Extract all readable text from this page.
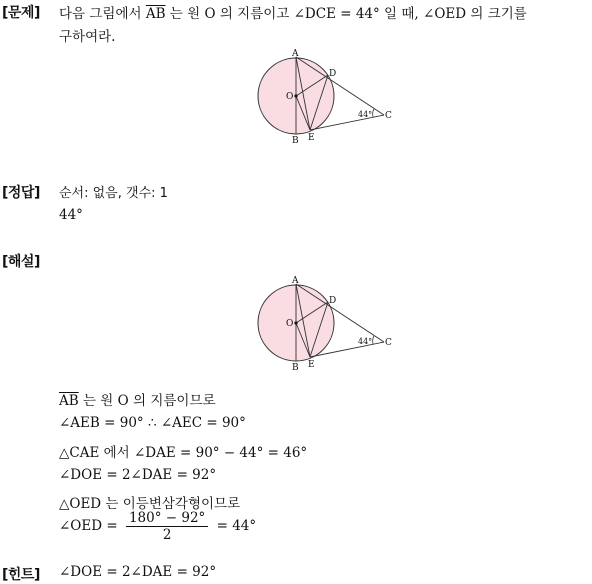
[문제] 다음 그림에서 $\overline{AB}$ 는 원 O 의 지름이고 ∠DCE = 44° 일 때, ∠OED 의 크기를
구하여라.
A
O
B
D
E
C
44°
[정답] 순서: 없음, 갯수: 1
44°
[해설]
A
O
B
D
E
C
44°
$\overline{AB}$ 는 원 O 의 지름이므로
∠AEB = 90° ∴ ∠AEC = 90°
△CAE 에서 ∠DAE = 90° − 44° = 46°
∠DOE = 2∠DAE = 92°
△OED 는 이등변삼각형이므로
∠OED = $\frac{180^\circ - 92^\circ}{2} = 44^\circ$
[힌트] ∠DOE = 2∠DAE = 92°
